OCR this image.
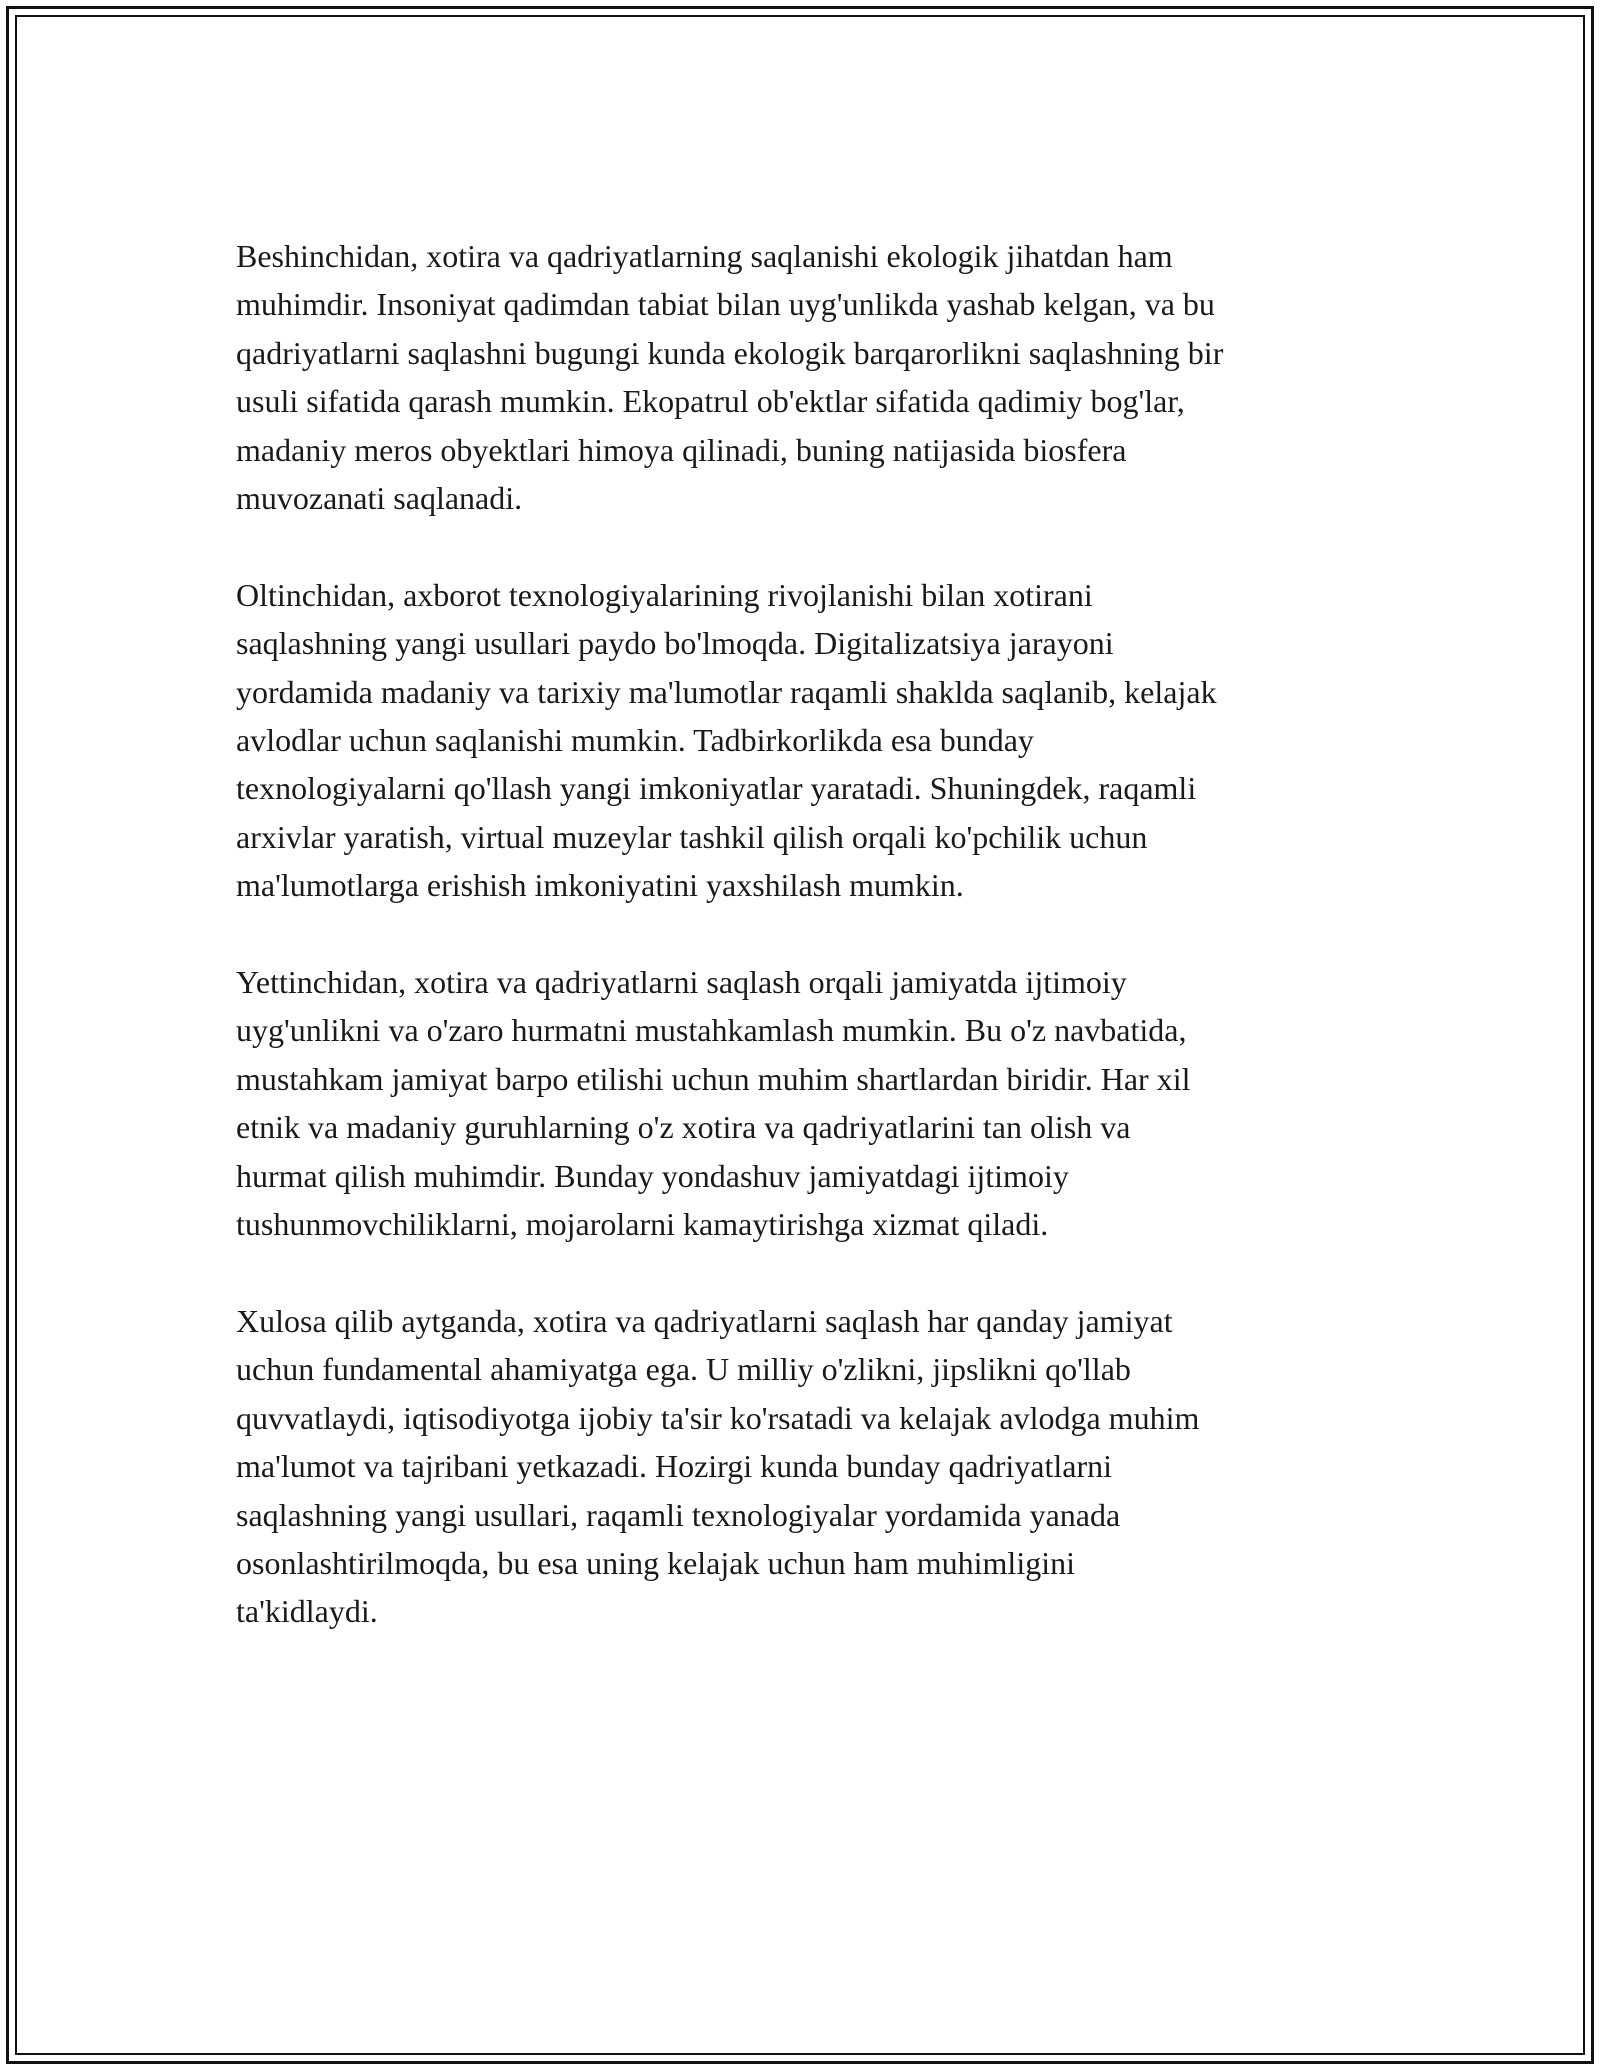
Beshinchidan, xotira va qadriyatlarning saqlanishi ekologik jihatdan ham
muhimdir. Insoniyat qadimdan tabiat bilan uyg'unlikda yashab kelgan, va bu
qadriyatlarni saqlashni bugungi kunda ekologik barqarorlikni saqlashning bir
usuli sifatida qarash mumkin. Ekopatrul ob'ektlar sifatida qadimiy bog'lar,
madaniy meros obyektlari himoya qilinadi, buning natijasida biosfera
muvozanati saqlanadi.

Oltinchidan, axborot texnologiyalarining rivojlanishi bilan xotirani
saqlashning yangi usullari paydo bo'lmoqda. Digitalizatsiya jarayoni
yordamida madaniy va tarixiy ma'lumotlar raqamli shaklda saqlanib, kelajak
avlodlar uchun saqlanishi mumkin. Tadbirkorlikda esa bunday
texnologiyalarni qo'llash yangi imkoniyatlar yaratadi. Shuningdek, raqamli
arxivlar yaratish, virtual muzeylar tashkil qilish orqali ko'pchilik uchun
ma'lumotlarga erishish imkoniyatini yaxshilash mumkin.

Yettinchidan, xotira va qadriyatlarni saqlash orqali jamiyatda ijtimoiy
uyg'unlikni va o'zaro hurmatni mustahkamlash mumkin. Bu o'z navbatida,
mustahkam jamiyat barpo etilishi uchun muhim shartlardan biridir. Har xil
etnik va madaniy guruhlarning o'z xotira va qadriyatlarini tan olish va
hurmat qilish muhimdir. Bunday yondashuv jamiyatdagi ijtimoiy
tushunmovchiliklarni, mojarolarni kamaytirishga xizmat qiladi.

Xulosa qilib aytganda, xotira va qadriyatlarni saqlash har qanday jamiyat
uchun fundamental ahamiyatga ega. U milliy o'zlikni, jipslikni qo'llab
quvvatlaydi, iqtisodiyotga ijobiy ta'sir ko'rsatadi va kelajak avlodga muhim
ma'lumot va tajribani yetkazadi. Hozirgi kunda bunday qadriyatlarni
saqlashning yangi usullari, raqamli texnologiyalar yordamida yanada
osonlashtirilmoqda, bu esa uning kelajak uchun ham muhimligini
ta'kidlaydi.
